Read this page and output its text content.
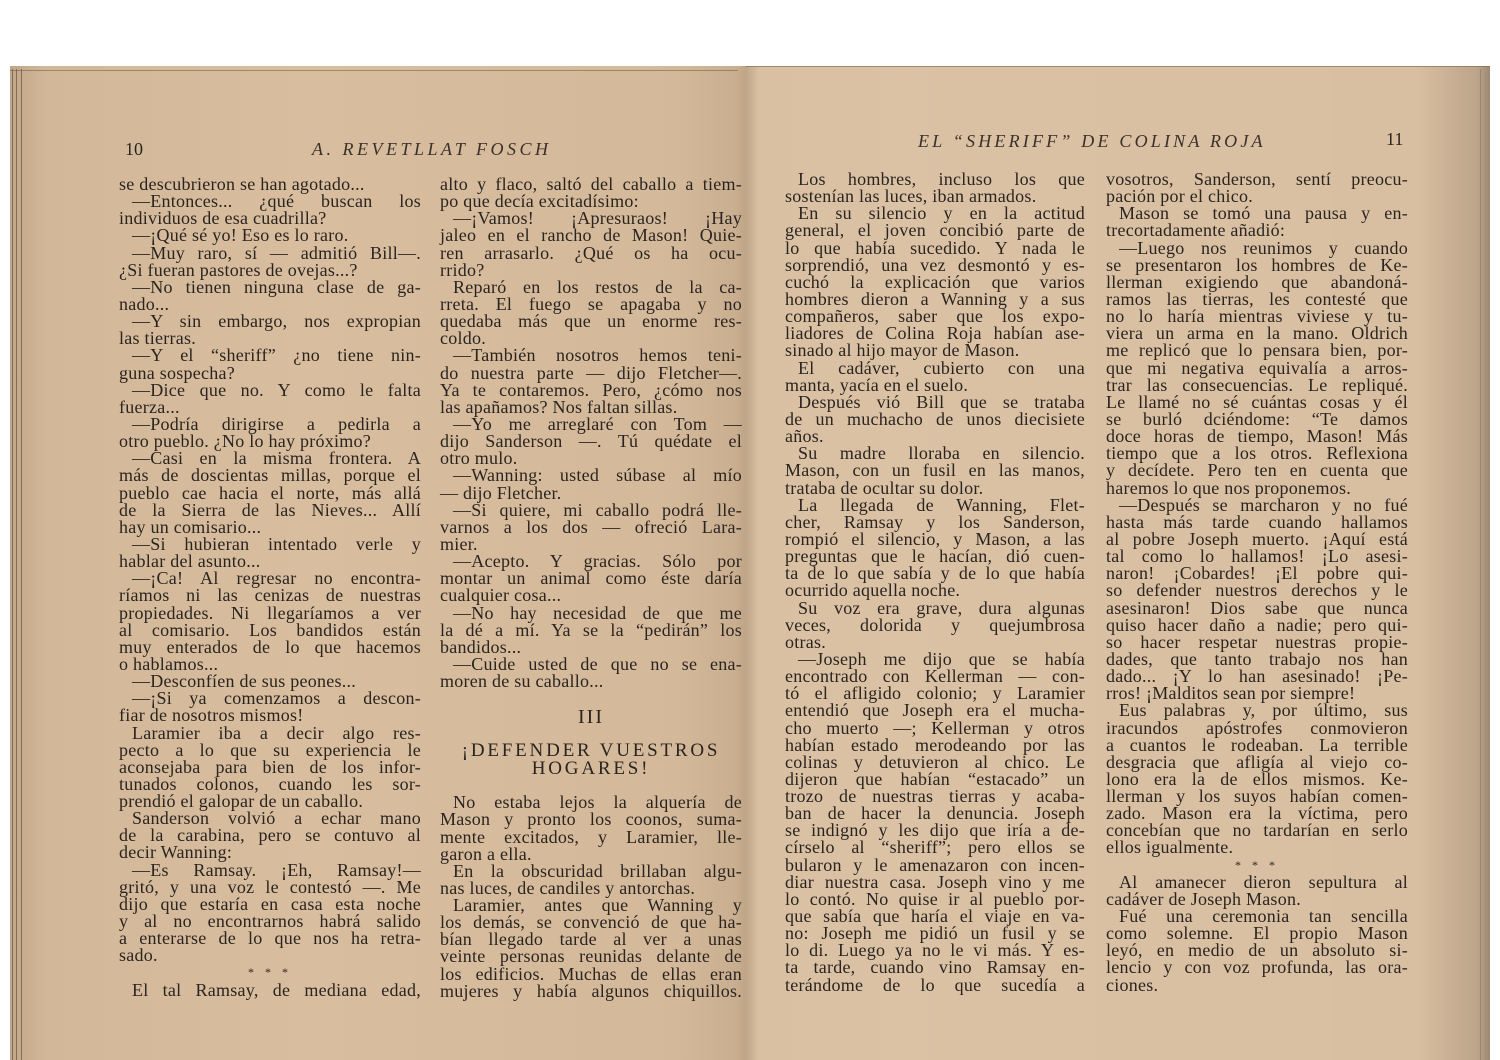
10	A. REVETLLAT FOSCH	EL “SHERIFF” DE COLINA ROJA	11
se descubrieron se han agotado...
—Entonces... ¿qué buscan los
individuos de esa cuadrilla?
—¡Qué sé yo! Eso es lo raro.
—Muy raro, sí — admitió Bill—.
¿Si fueran pastores de ovejas...?
—No tienen ninguna clase de ga-
nado...
—Y sin embargo, nos expropian
las tierras.
—Y el “sheriff” ¿no tiene nin-
guna sospecha?
—Dice que no. Y como le falta
fuerza...
—Podría dirigirse a pedirla a
otro pueblo. ¿No lo hay próximo?
—Casi en la misma frontera. A
más de doscientas millas, porque el
pueblo cae hacia el norte, más allá
de la Sierra de las Nieves... Allí
hay un comisario...
—Si hubieran intentado verle y
hablar del asunto...
—¡Ca! Al regresar no encontra-
ríamos ni las cenizas de nuestras
propiedades. Ni llegaríamos a ver
al comisario. Los bandidos están
muy enterados de lo que hacemos
o hablamos...
—Desconfíen de sus peones...
—¡Si ya comenzamos a descon-
fiar de nosotros mismos!
Laramier iba a decir algo res-
pecto a lo que su experiencia le
aconsejaba para bien de los infor-
tunados colonos, cuando les sor-
prendió el galopar de un caballo.
Sanderson volvió a echar mano
de la carabina, pero se contuvo al
decir Wanning:
—Es Ramsay. ¡Eh, Ramsay!—
gritó, y una voz le contestó —. Me
dijo que estaría en casa esta noche
y al no encontrarnos habrá salido
a enterarse de lo que nos ha retra-
sado.
* * *
El tal Ramsay, de mediana edad,
alto y flaco, saltó del caballo a tiem-
po que decía excitadísimo:
—¡Vamos! ¡Apresuraos! ¡Hay
jaleo en el rancho de Mason! Quie-
ren arrasarlo. ¿Qué os ha ocu-
rrido?
Reparó en los restos de la ca-
rreta. El fuego se apagaba y no
quedaba más que un enorme res-
coldo.
—También nosotros hemos teni-
do nuestra parte — dijo Fletcher—.
Ya te contaremos. Pero, ¿cómo nos
las apañamos? Nos faltan sillas.
—Yo me arreglaré con Tom —
dijo Sanderson —. Tú quédate el
otro mulo.
—Wanning: usted súbase al mío
— dijo Fletcher.
—Si quiere, mi caballo podrá lle-
varnos a los dos — ofreció Lara-
mier.
—Acepto. Y gracias. Sólo por
montar un animal como éste daría
cualquier cosa...
—No hay necesidad de que me
la dé a mí. Ya se la “pedirán” los
bandidos...
—Cuide usted de que no se ena-
moren de su caballo...
III
¡DEFENDER VUESTROS
HOGARES!
No estaba lejos la alquería de
Mason y pronto los coonos, suma-
mente excitados, y Laramier, lle-
garon a ella.
En la obscuridad brillaban algu-
nas luces, de candiles y antorchas.
Laramier, antes que Wanning y
los demás, se convenció de que ha-
bían llegado tarde al ver a unas
veinte personas reunidas delante de
los edificios. Muchas de ellas eran
mujeres y había algunos chiquillos.
Los hombres, incluso los que
sostenían las luces, iban armados.
En su silencio y en la actitud
general, el joven concibió parte de
lo que había sucedido. Y nada le
sorprendió, una vez desmontó y es-
cuchó la explicación que varios
hombres dieron a Wanning y a sus
compañeros, saber que los expo-
liadores de Colina Roja habían ase-
sinado al hijo mayor de Mason.
El cadáver, cubierto con una
manta, yacía en el suelo.
Después vió Bill que se trataba
de un muchacho de unos diecisiete
años.
Su madre lloraba en silencio.
Mason, con un fusil en las manos,
trataba de ocultar su dolor.
La llegada de Wanning, Flet-
cher, Ramsay y los Sanderson,
rompió el silencio, y Mason, a las
preguntas que le hacían, dió cuen-
ta de lo que sabía y de lo que había
ocurrido aquella noche.
Su voz era grave, dura algunas
veces, dolorida y quejumbrosa
otras.
—Joseph me dijo que se había
encontrado con Kellerman — con-
tó el afligido colonio; y Laramier
entendió que Joseph era el mucha-
cho muerto —; Kellerman y otros
habían estado merodeando por las
colinas y detuvieron al chico. Le
dijeron que habían “estacado” un
trozo de nuestras tierras y acaba-
ban de hacer la denuncia. Joseph
se indignó y les dijo que iría a de-
círselo al “sheriff”; pero ellos se
bularon y le amenazaron con incen-
diar nuestra casa. Joseph vino y me
lo contó. No quise ir al pueblo por-
que sabía que haría el viaje en va-
no: Joseph me pidió un fusil y se
lo di. Luego ya no le vi más. Y es-
ta tarde, cuando vino Ramsay en-
terándome de lo que sucedía a
vosotros, Sanderson, sentí preocu-
pación por el chico.
Mason se tomó una pausa y en-
trecortadamente añadió:
—Luego nos reunimos y cuando
se presentaron los hombres de Ke-
llerman exigiendo que abandoná-
ramos las tierras, les contesté que
no lo haría mientras viviese y tu-
viera un arma en la mano. Oldrich
me replicó que lo pensara bien, por-
que mi negativa equivalía a arros-
trar las consecuencias. Le repliqué.
Le llamé no sé cuántas cosas y él
se burló dciéndome: “Te damos
doce horas de tiempo, Mason! Más
tiempo que a los otros. Reflexiona
y decídete. Pero ten en cuenta que
haremos lo que nos proponemos.
—Después se marcharon y no fué
hasta más tarde cuando hallamos
al pobre Joseph muerto. ¡Aquí está
tal como lo hallamos! ¡Lo asesi-
naron! ¡Cobardes! ¡El pobre qui-
so defender nuestros derechos y le
asesinaron! Dios sabe que nunca
quiso hacer daño a nadie; pero qui-
so hacer respetar nuestras propie-
dades, que tanto trabajo nos han
dado... ¡Y lo han asesinado! ¡Pe-
rros! ¡Malditos sean por siempre!
Eus palabras y, por último, sus
iracundos apóstrofes conmovieron
a cuantos le rodeaban. La terrible
desgracia que afligía al viejo co-
lono era la de ellos mismos. Ke-
llerman y los suyos habían comen-
zado. Mason era la víctima, pero
concebían que no tardarían en serlo
ellos igualmente.
* * *
Al amanecer dieron sepultura al
cadáver de Joseph Mason.
Fué una ceremonia tan sencilla
como solemne. El propio Mason
leyó, en medio de un absoluto si-
lencio y con voz profunda, las ora-
ciones.
